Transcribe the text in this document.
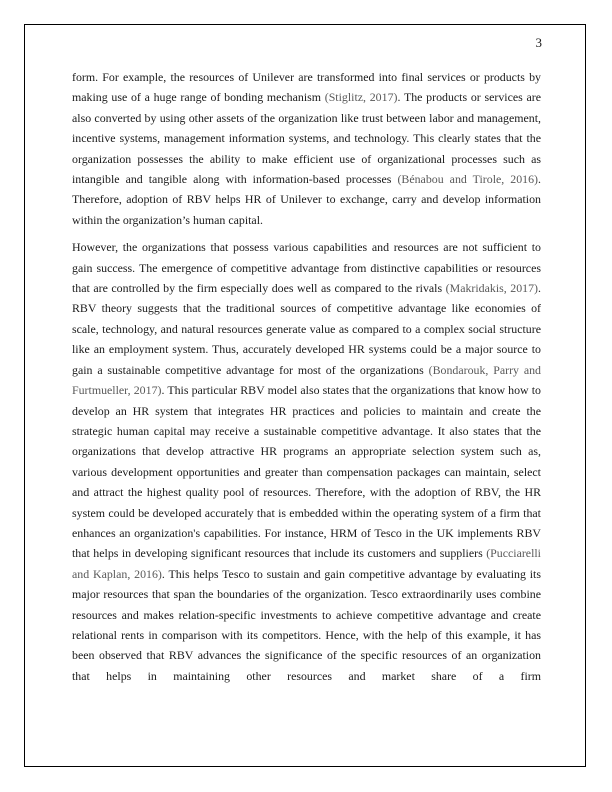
3

form. For example, the resources of Unilever are transformed into final services or products by making use of a huge range of bonding mechanism (Stiglitz, 2017). The products or services are also converted by using other assets of the organization like trust between labor and management, incentive systems, management information systems, and technology. This clearly states that the organization possesses the ability to make efficient use of organizational processes such as intangible and tangible along with information-based processes (Bénabou and Tirole, 2016). Therefore, adoption of RBV helps HR of Unilever to exchange, carry and develop information within the organization’s human capital.

However, the organizations that possess various capabilities and resources are not sufficient to gain success. The emergence of competitive advantage from distinctive capabilities or resources that are controlled by the firm especially does well as compared to the rivals (Makridakis, 2017). RBV theory suggests that the traditional sources of competitive advantage like economies of scale, technology, and natural resources generate value as compared to a complex social structure like an employment system. Thus, accurately developed HR systems could be a major source to gain a sustainable competitive advantage for most of the organizations (Bondarouk, Parry and Furtmueller, 2017). This particular RBV model also states that the organizations that know how to develop an HR system that integrates HR practices and policies to maintain and create the strategic human capital may receive a sustainable competitive advantage. It also states that the organizations that develop attractive HR programs an appropriate selection system such as, various development opportunities and greater than compensation packages can maintain, select and attract the highest quality pool of resources. Therefore, with the adoption of RBV, the HR system could be developed accurately that is embedded within the operating system of a firm that enhances an organization's capabilities. For instance, HRM of Tesco in the UK implements RBV that helps in developing significant resources that include its customers and suppliers (Pucciarelli and Kaplan, 2016). This helps Tesco to sustain and gain competitive advantage by evaluating its major resources that span the boundaries of the organization. Tesco extraordinarily uses combine resources and makes relation-specific investments to achieve competitive advantage and create relational rents in comparison with its competitors. Hence, with the help of this example, it has been observed that RBV advances the significance of the specific resources of an organization that helps in maintaining other resources and market share of a firm
